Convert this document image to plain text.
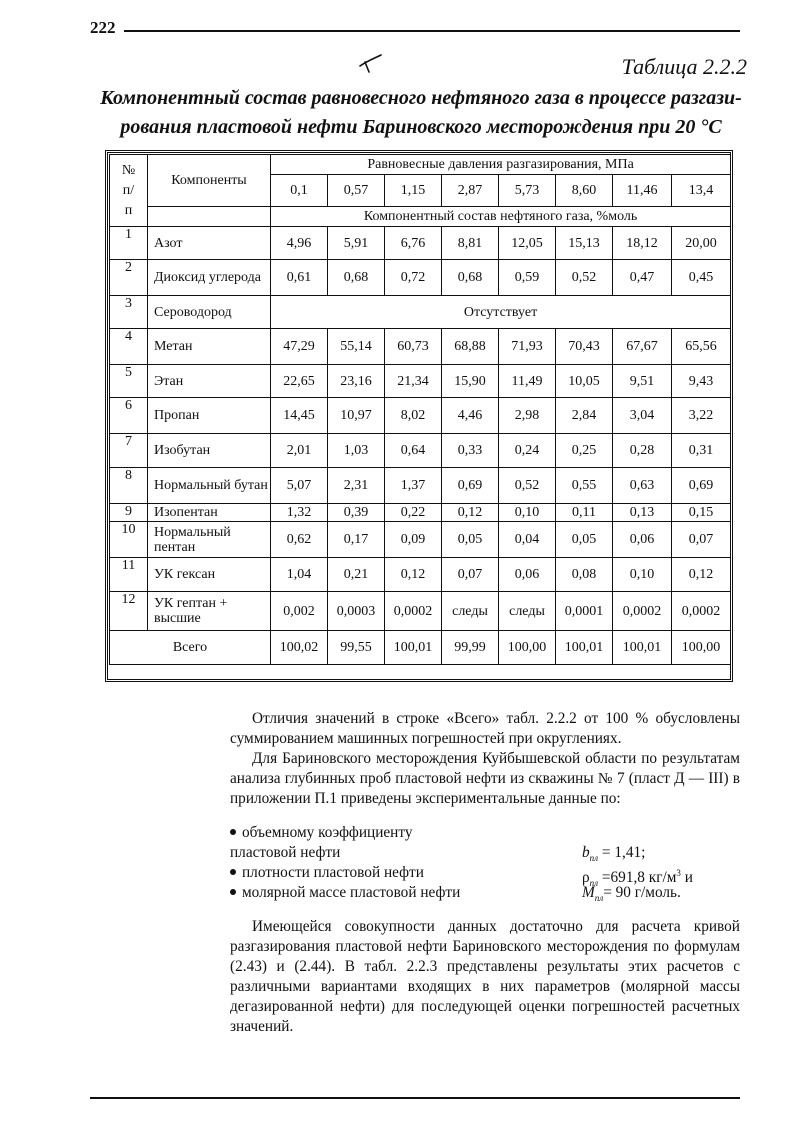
222
Таблица 2.2.2
Компонентный состав равновесного нефтяного газа в процессе разгази-
рования пластовой нефти Бариновского месторождения при 20 °С
№
п/
п	Компоненты	Равновесные давления разгазирования, МПа							
		0,1	0,57	1,15	2,87	5,73	8,60	11,46	13,4
		Компонентный состав нефтяного газа, %моль							
1	Азот	4,96	5,91	6,76	8,81	12,05	15,13	18,12	20,00
2	Диоксид углерода	0,61	0,68	0,72	0,68	0,59	0,52	0,47	0,45
3	Сероводород	Отсутствует							
4	Метан	47,29	55,14	60,73	68,88	71,93	70,43	67,67	65,56
5	Этан	22,65	23,16	21,34	15,90	11,49	10,05	9,51	9,43
6	Пропан	14,45	10,97	8,02	4,46	2,98	2,84	3,04	3,22
7	Изобутан	2,01	1,03	0,64	0,33	0,24	0,25	0,28	0,31
8	Нормальный бутан	5,07	2,31	1,37	0,69	0,52	0,55	0,63	0,69
9	Изопентан	1,32	0,39	0,22	0,12	0,10	0,11	0,13	0,15
10	Нормальный пентан	0,62	0,17	0,09	0,05	0,04	0,05	0,06	0,07
11	УК гексан	1,04	0,21	0,12	0,07	0,06	0,08	0,10	0,12
12	УК гептан + высшие	0,002	0,0003	0,0002	следы	следы	0,0001	0,0002	0,0002
Всего		100,02	99,55	100,01	99,99	100,00	100,01	100,01	100,00

Отличия значений в строке «Всего» табл. 2.2.2 от 100 % обусловлены суммированием машинных погрешностей при округлениях.

Для Бариновского месторождения Куйбышевской области по результатам анализа глубинных проб пластовой нефти из скважины № 7 (пласт Д — III) в приложении П.1 приведены экспериментальные данные по:

объемному коэффициенту
пластовой нефти	$b_{пл} = 1,41$;
плотности пластовой нефти	$\rho_{пл} =691,8$ $кг/м^3$ и
молярной массе пластовой нефти	$M_{пл}= 90$ г/моль.

Имеющейся совокупности данных достаточно для расчета кривой разгазирования пластовой нефти Бариновского месторождения по формулам (2.43) и (2.44). В табл. 2.2.3 представлены результаты этих расчетов с различными вариантами входящих в них параметров (молярной массы дегазированной нефти) для последующей оценки погрешностей расчетных значений.
